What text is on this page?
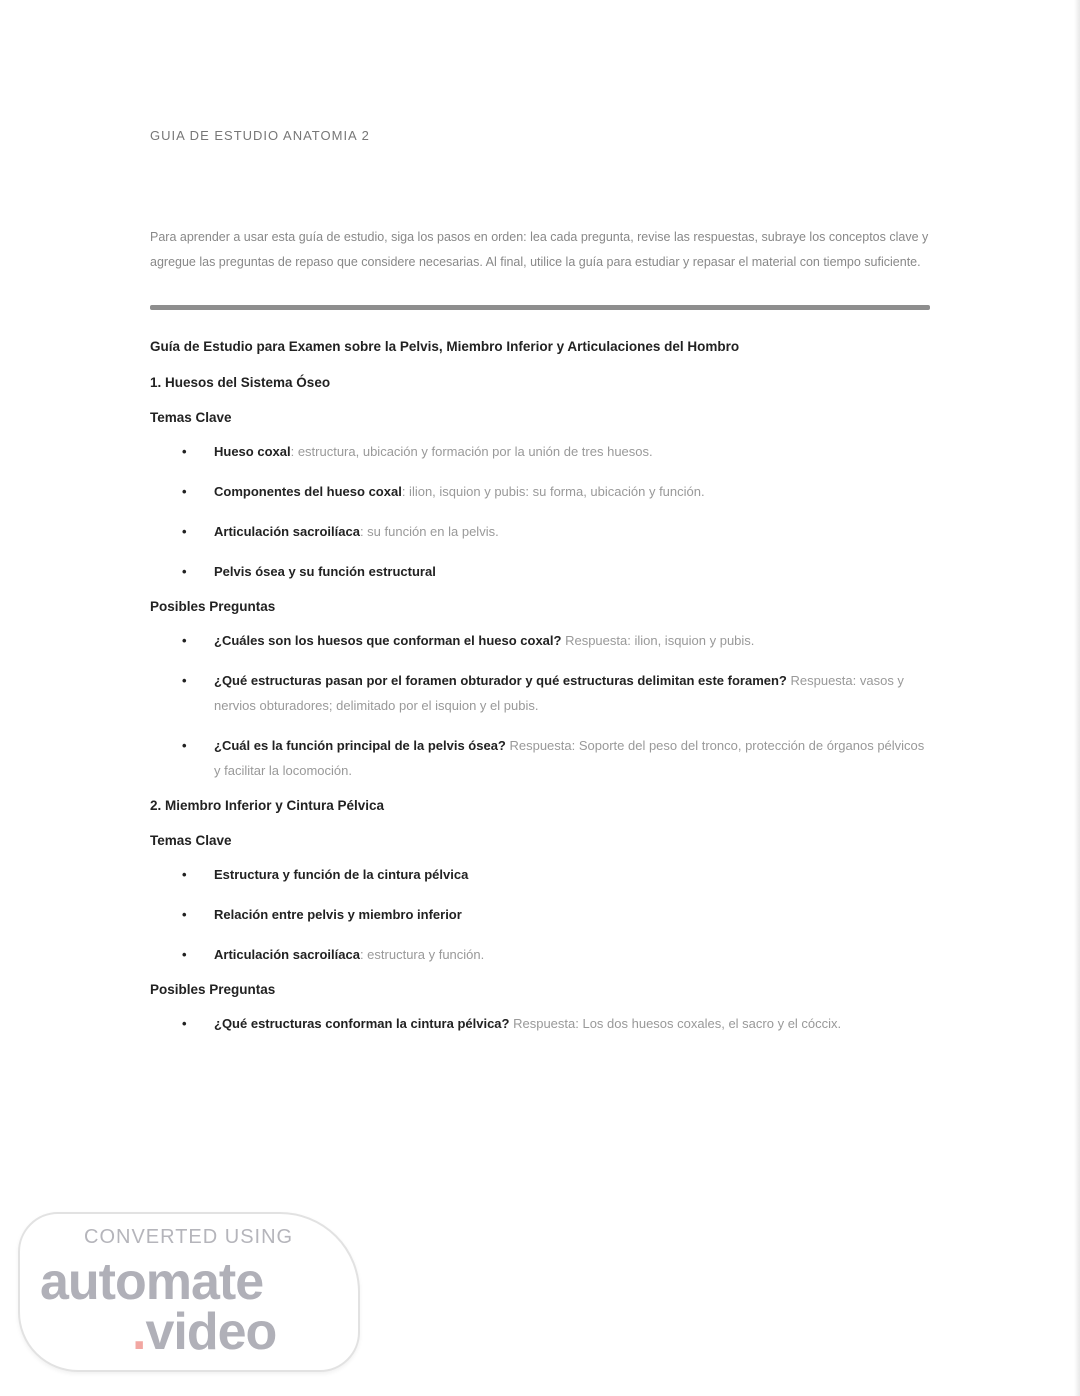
GUIA DE ESTUDIO ANATOMIA 2
Para aprender a usar esta guía de estudio, siga los pasos en orden: lea cada pregunta, revise las respuestas, subraye los conceptos clave y agregue las preguntas de repaso que considere necesarias. Al final, utilice la guía para estudiar y repasar el material con tiempo suficiente.
Guía de Estudio para Examen sobre la Pelvis, Miembro Inferior y Articulaciones del Hombro
1. Huesos del Sistema Óseo
Temas Clave
• Hueso coxal: estructura, ubicación y formación por la unión de tres huesos.
• Componentes del hueso coxal: ilion, isquion y pubis: su forma, ubicación y función.
• Articulación sacroilíaca: su función en la pelvis.
• Pelvis ósea y su función estructural
Posibles Preguntas
• ¿Cuáles son los huesos que conforman el hueso coxal? Respuesta: ilion, isquion y pubis.
• ¿Qué estructuras pasan por el foramen obturador y qué estructuras delimitan este foramen? Respuesta: vasos y nervios obturadores; delimitado por el isquion y el pubis.
• ¿Cuál es la función principal de la pelvis ósea? Respuesta: Soporte del peso del tronco, protección de órganos pélvicos y facilitar la locomoción.
2. Miembro Inferior y Cintura Pélvica
Temas Clave
• Estructura y función de la cintura pélvica
• Relación entre pelvis y miembro inferior
• Articulación sacroilíaca: estructura y función.
Posibles Preguntas
• ¿Qué estructuras conforman la cintura pélvica? Respuesta: Los dos huesos coxales, el sacro y el cóccix.
CONVERTED USING
automate
.video
